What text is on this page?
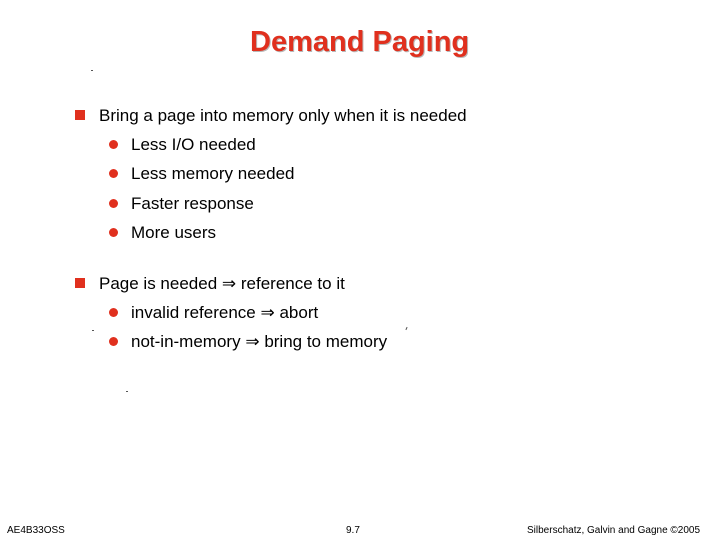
Demand Paging
Bring a page into memory only when it is needed
Less I/O needed
Less memory needed
Faster response
More users
Page is needed ⇒ reference to it
invalid reference ⇒ abort
not-in-memory ⇒ bring to memory
AE4B33OSS	9.7	Silberschatz, Galvin and Gagne ©2005
